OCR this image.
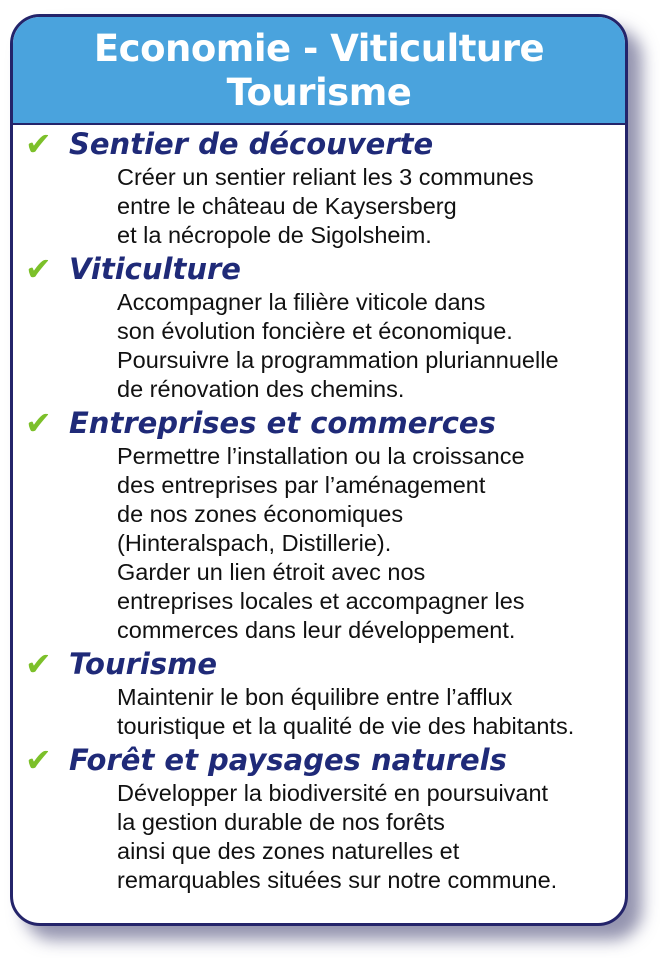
Economie - Viticulture
Tourisme
✔ Sentier de découverte
Créer un sentier reliant les 3 communes
entre le château de Kaysersberg
et la nécropole de Sigolsheim.
✔ Viticulture
Accompagner la filière viticole dans
son évolution foncière et économique.
Poursuivre la programmation pluriannuelle
de rénovation des chemins.
✔ Entreprises et commerces
Permettre l’installation ou la croissance
des entreprises par l’aménagement
de nos zones économiques
(Hinteralspach, Distillerie).
Garder un lien étroit avec nos
entreprises locales et accompagner les
commerces dans leur développement.
✔ Tourisme
Maintenir le bon équilibre entre l’afflux
touristique et la qualité de vie des habitants.
✔ Forêt et paysages naturels
Développer la biodiversité en poursuivant
la gestion durable de nos forêts
ainsi que des zones naturelles et
remarquables situées sur notre commune.
